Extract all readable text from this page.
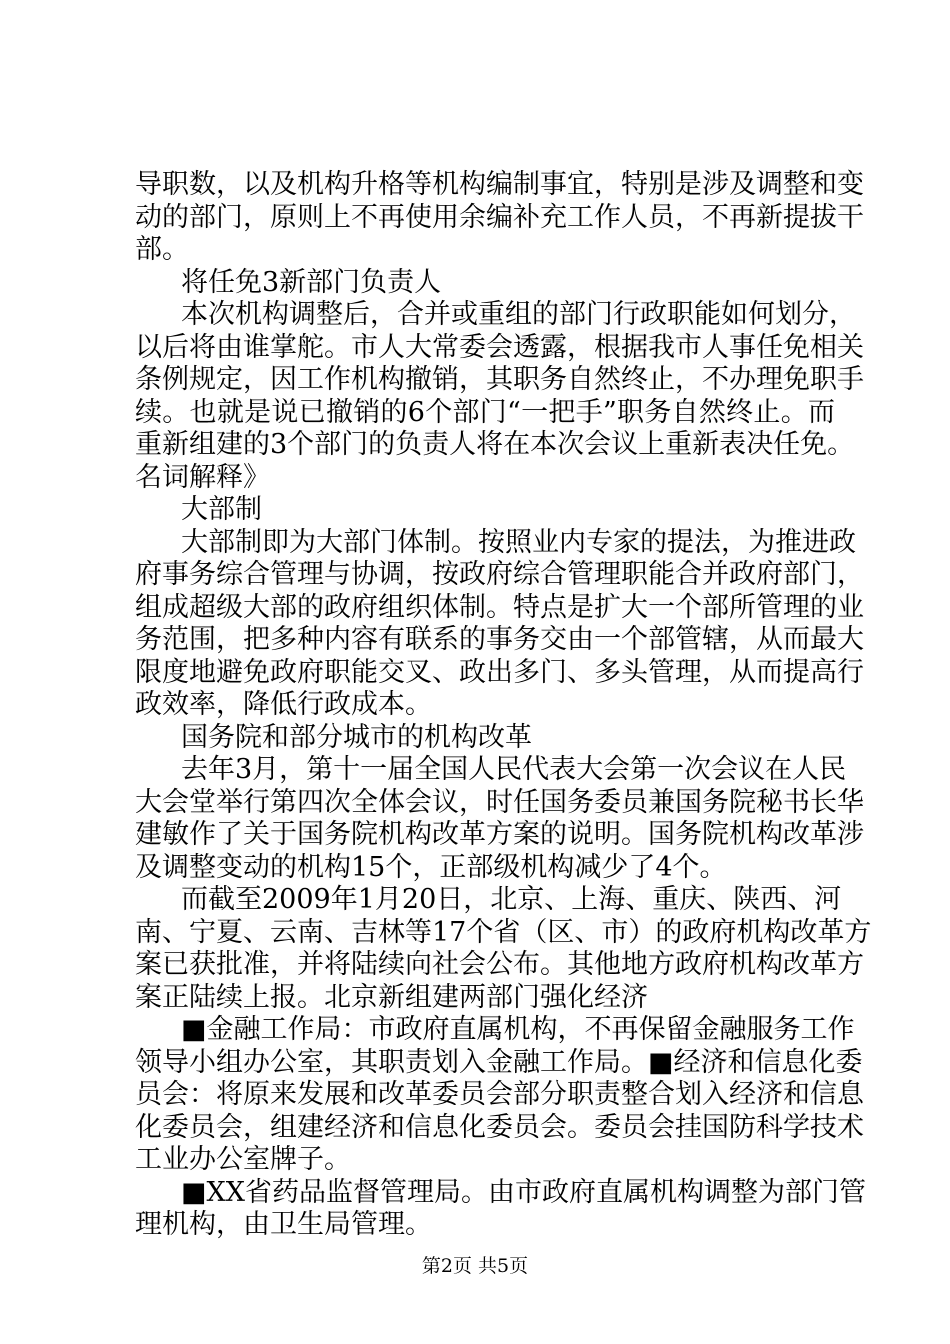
导职数，以及机构升格等机构编制事宜，特别是涉及调整和变
动的部门，原则上不再使用余编补充工作人员，不再新提拔干
部。
将任免3新部门负责人
本次机构调整后，合并或重组的部门行政职能如何划分，
以后将由谁掌舵。市人大常委会透露，根据我市人事任免相关
条例规定，因工作机构撤销，其职务自然终止，不办理免职手
续。也就是说已撤销的6个部门“一把手”职务自然终止。而
重新组建的3个部门的负责人将在本次会议上重新表决任免。
名词解释》
大部制
大部制即为大部门体制。按照业内专家的提法，为推进政
府事务综合管理与协调，按政府综合管理职能合并政府部门，
组成超级大部的政府组织体制。特点是扩大一个部所管理的业
务范围，把多种内容有联系的事务交由一个部管辖，从而最大
限度地避免政府职能交叉、政出多门、多头管理，从而提高行
政效率，降低行政成本。
国务院和部分城市的机构改革
去年3月，第十一届全国人民代表大会第一次会议在人民
大会堂举行第四次全体会议，时任国务委员兼国务院秘书长华
建敏作了关于国务院机构改革方案的说明。国务院机构改革涉
及调整变动的机构15个，正部级机构减少了4个。
而截至2009年1月20日，北京、上海、重庆、陕西、河
南、宁夏、云南、吉林等17个省（区、市）的政府机构改革方
案已获批准，并将陆续向社会公布。其他地方政府机构改革方
案正陆续上报。北京新组建两部门强化经济
■金融工作局：市政府直属机构，不再保留金融服务工作
领导小组办公室，其职责划入金融工作局。■经济和信息化委
员会：将原来发展和改革委员会部分职责整合划入经济和信息
化委员会，组建经济和信息化委员会。委员会挂国防科学技术
工业办公室牌子。
■XX省药品监督管理局。由市政府直属机构调整为部门管
理机构，由卫生局管理。
第2页 共5页
